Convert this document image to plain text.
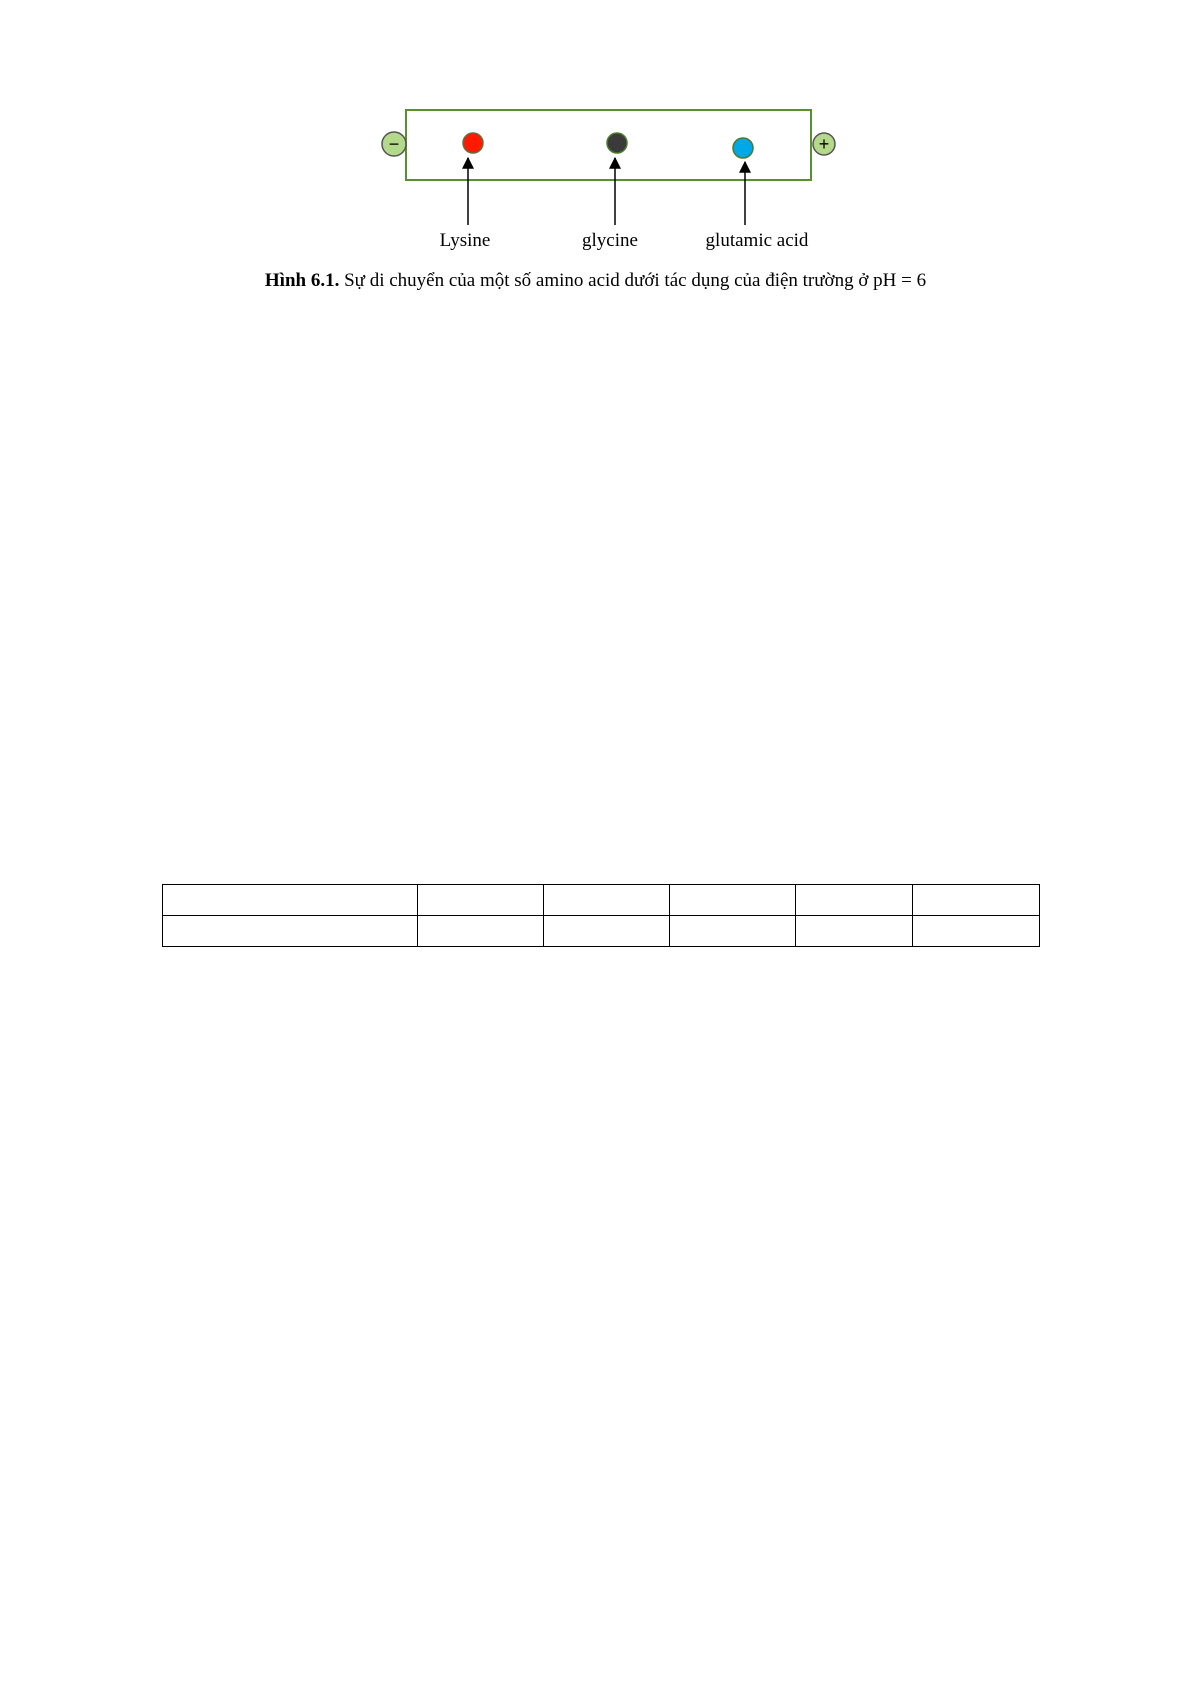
−	+
Lysine	glycine	glutamic acid
Hình 6.1. Sự di chuyển của một số amino acid dưới tác dụng của điện trường ở pH = 6
